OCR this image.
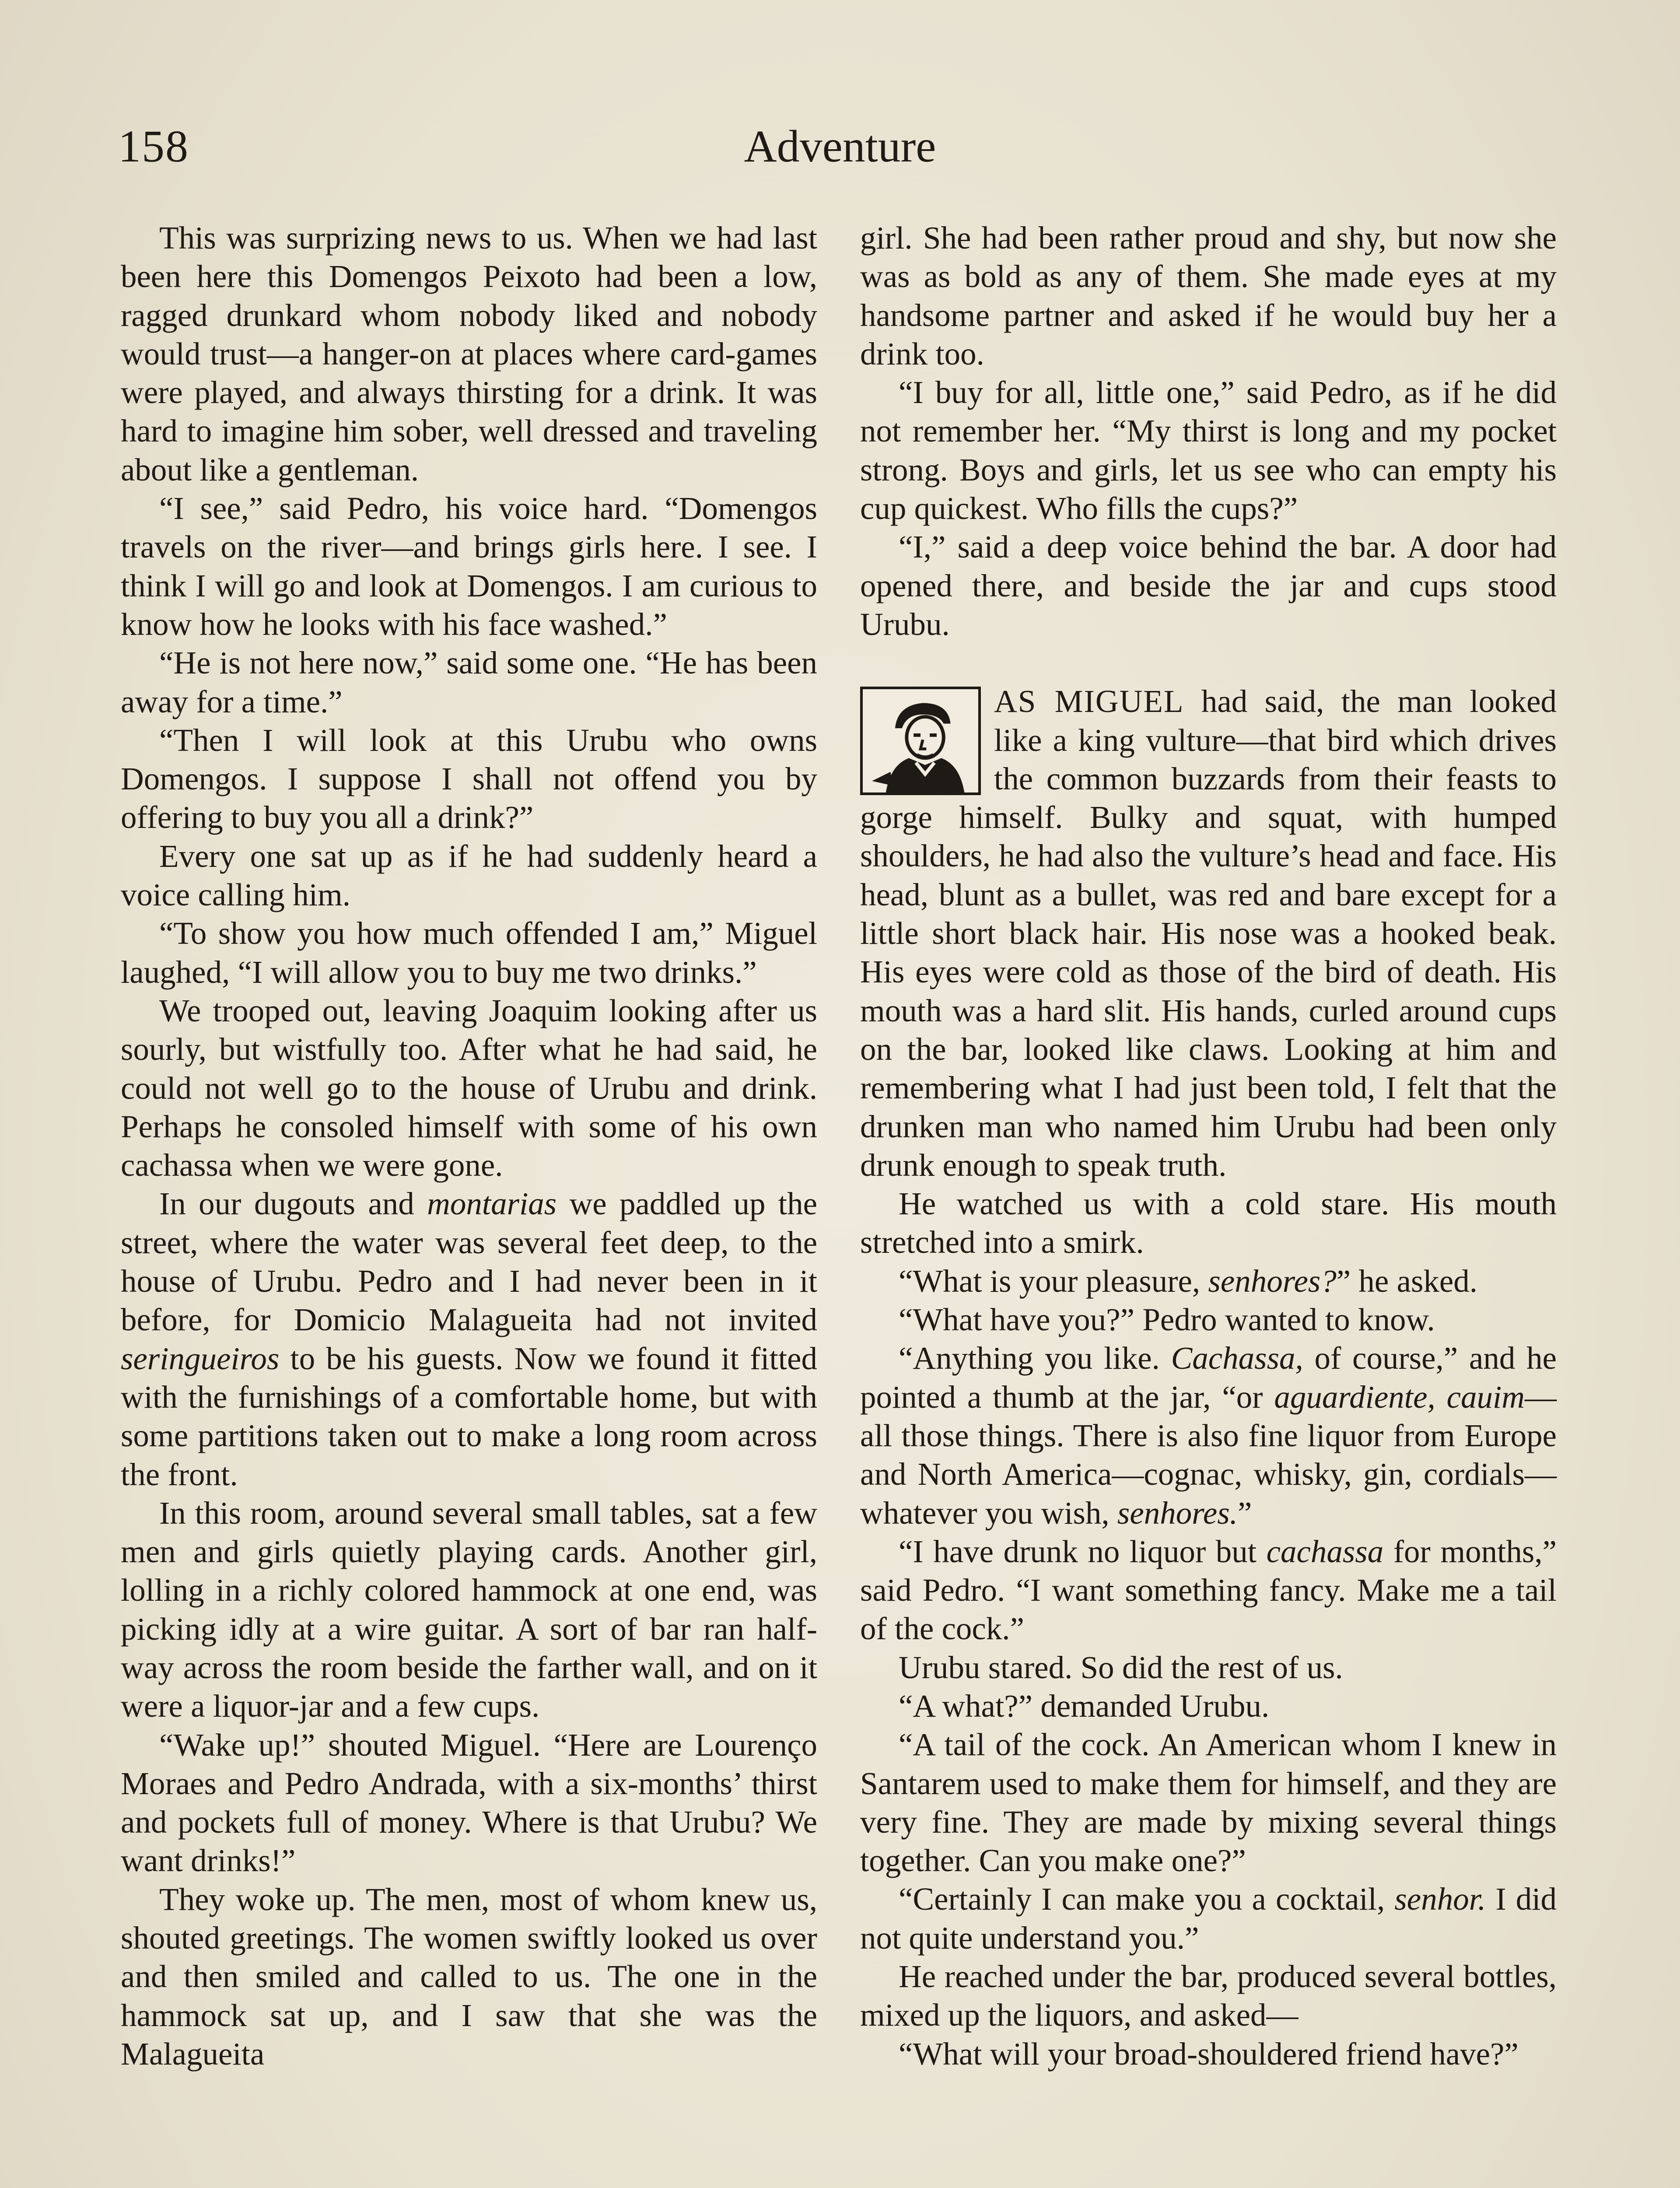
158	Adventure

This was surprizing news to us. When we had last been here this Domengos Peixoto had been a low, ragged drunkard whom nobody liked and nobody would trust—a hanger-on at places where card-games were played, and always thirsting for a drink. It was hard to imagine him sober, well dressed and traveling about like a gentleman.

“I see,” said Pedro, his voice hard. “Domengos travels on the river—and brings girls here. I see. I think I will go and look at Domengos. I am curious to know how he looks with his face washed.”

“He is not here now,” said some one. “He has been away for a time.”

“Then I will look at this Urubu who owns Domengos. I suppose I shall not offend you by offering to buy you all a drink?”

Every one sat up as if he had suddenly heard a voice calling him.

“To show you how much offended I am,” Miguel laughed, “I will allow you to buy me two drinks.”

We trooped out, leaving Joaquim looking after us sourly, but wistfully too. After what he had said, he could not well go to the house of Urubu and drink. Perhaps he consoled himself with some of his own cachassa when we were gone.

In our dugouts and montarias we paddled up the street, where the water was several feet deep, to the house of Urubu. Pedro and I had never been in it before, for Domicio Malagueita had not invited seringueiros to be his guests. Now we found it fitted with the furnishings of a comfortable home, but with some partitions taken out to make a long room across the front.

In this room, around several small tables, sat a few men and girls quietly playing cards. Another girl, lolling in a richly colored hammock at one end, was picking idly at a wire guitar. A sort of bar ran half-way across the room beside the farther wall, and on it were a liquor-jar and a few cups.

“Wake up!” shouted Miguel. “Here are Lourenço Moraes and Pedro Andrada, with a six-months’ thirst and pockets full of money. Where is that Urubu? We want drinks!”

They woke up. The men, most of whom knew us, shouted greetings. The women swiftly looked us over and then smiled and called to us. The one in the hammock sat up, and I saw that she was the Malagueita

girl. She had been rather proud and shy, but now she was as bold as any of them. She made eyes at my handsome partner and asked if he would buy her a drink too.

“I buy for all, little one,” said Pedro, as if he did not remember her. “My thirst is long and my pocket strong. Boys and girls, let us see who can empty his cup quickest. Who fills the cups?”

“I,” said a deep voice behind the bar. A door had opened there, and beside the jar and cups stood Urubu.

AS MIGUEL had said, the man looked like a king vulture—that bird which drives the common buzzards from their feasts to gorge himself. Bulky and squat, with humped shoulders, he had also the vulture’s head and face. His head, blunt as a bullet, was red and bare except for a little short black hair. His nose was a hooked beak. His eyes were cold as those of the bird of death. His mouth was a hard slit. His hands, curled around cups on the bar, looked like claws. Looking at him and remembering what I had just been told, I felt that the drunken man who named him Urubu had been only drunk enough to speak truth.

He watched us with a cold stare. His mouth stretched into a smirk.

“What is your pleasure, senhores?” he asked.

“What have you?” Pedro wanted to know.

“Anything you like. Cachassa, of course,” and he pointed a thumb at the jar, “or aguardiente, cauim—all those things. There is also fine liquor from Europe and North America—cognac, whisky, gin, cordials—whatever you wish, senhores.”

“I have drunk no liquor but cachassa for months,” said Pedro. “I want something fancy. Make me a tail of the cock.”

Urubu stared. So did the rest of us.

“A what?” demanded Urubu.

“A tail of the cock. An American whom I knew in Santarem used to make them for himself, and they are very fine. They are made by mixing several things together. Can you make one?”

“Certainly I can make you a cocktail, senhor. I did not quite understand you.”

He reached under the bar, produced several bottles, mixed up the liquors, and asked—

“What will your broad-shouldered friend have?”
